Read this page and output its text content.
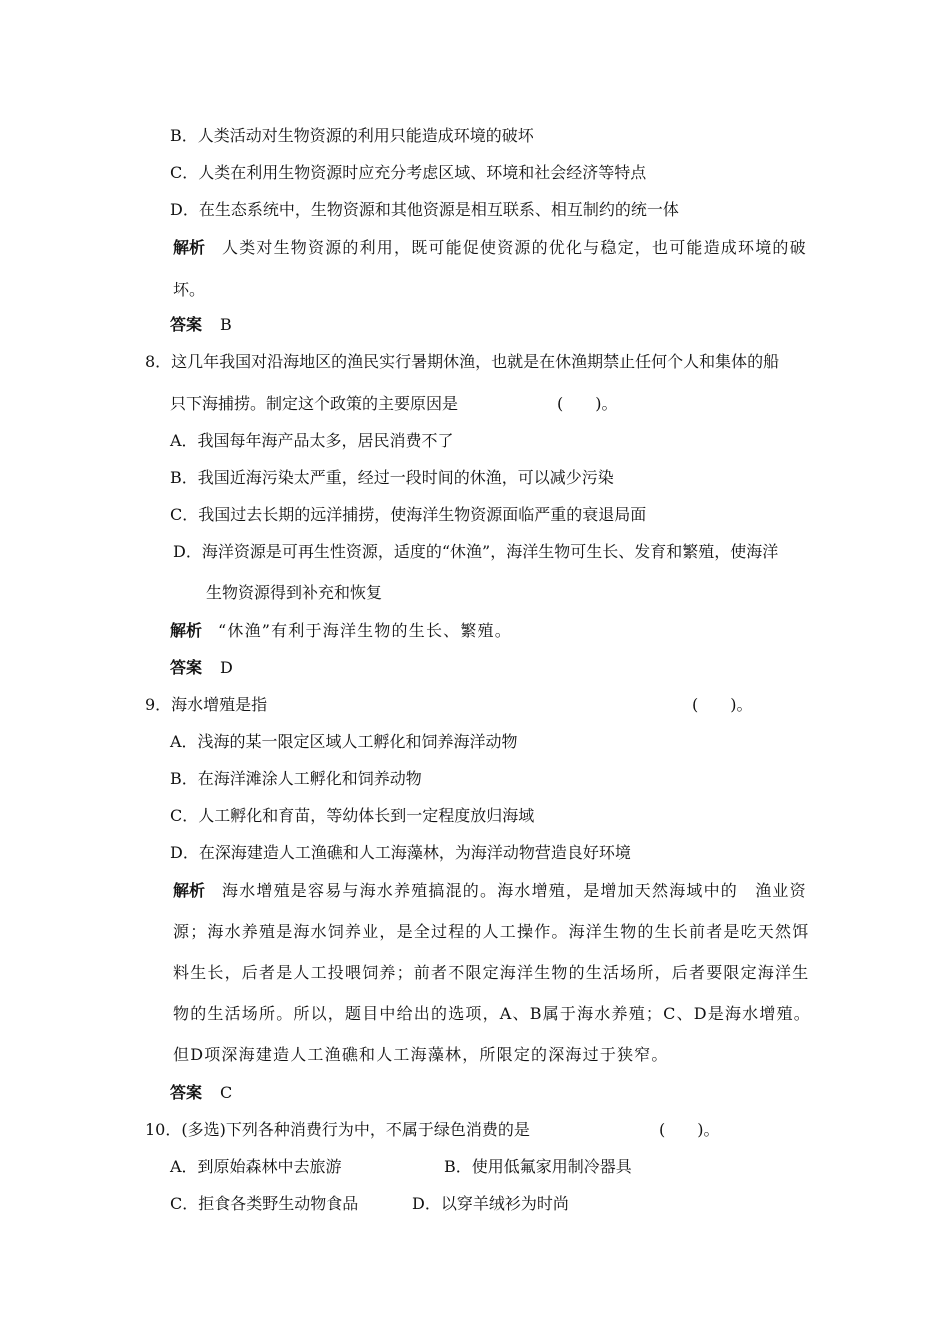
B．人类活动对生物资源的利用只能造成环境的破坏
C．人类在利用生物资源时应充分考虑区域、环境和社会经济等特点
D．在生态系统中，生物资源和其他资源是相互联系、相互制约的统一体
解析 人类对生物资源的利用，既可能促使资源的优化与稳定，也可能造成环境的破
坏。
答案 B
8．这几年我国对沿海地区的渔民实行暑期休渔，也就是在休渔期禁止任何个人和集体的船
只下海捕捞。制定这个政策的主要原因是	(　　)。
A．我国每年海产品太多，居民消费不了
B．我国近海污染太严重，经过一段时间的休渔，可以减少污染
C．我国过去长期的远洋捕捞，使海洋生物资源面临严重的衰退局面
D．海洋资源是可再生性资源，适度的“休渔”，海洋生物可生长、发育和繁殖，使海洋
生物资源得到补充和恢复
解析 “休渔”有利于海洋生物的生长、繁殖。
答案 D
9．海水增殖是指	(　　)。
A．浅海的某一限定区域人工孵化和饲养海洋动物
B．在海洋滩涂人工孵化和饲养动物
C．人工孵化和育苗，等幼体长到一定程度放归海域
D．在深海建造人工渔礁和人工海藻林，为海洋动物营造良好环境
解析 海水增殖是容易与海水养殖搞混的。海水增殖，是增加天然海域中的　渔业资
源；海水养殖是海水饲养业，是全过程的人工操作。海洋生物的生长前者是吃天然饵
料生长，后者是人工投喂饲养；前者不限定海洋生物的生活场所，后者要限定海洋生
物的生活场所。所以，题目中给出的选项，A、B属于海水养殖；C、D是海水增殖。
但D项深海建造人工渔礁和人工海藻林，所限定的深海过于狭窄。
答案 C
10．(多选)下列各种消费行为中，不属于绿色消费的是	(　　)。
A．到原始森林中去旅游	B．使用低氟家用制冷器具
C．拒食各类野生动物食品	D．以穿羊绒衫为时尚
